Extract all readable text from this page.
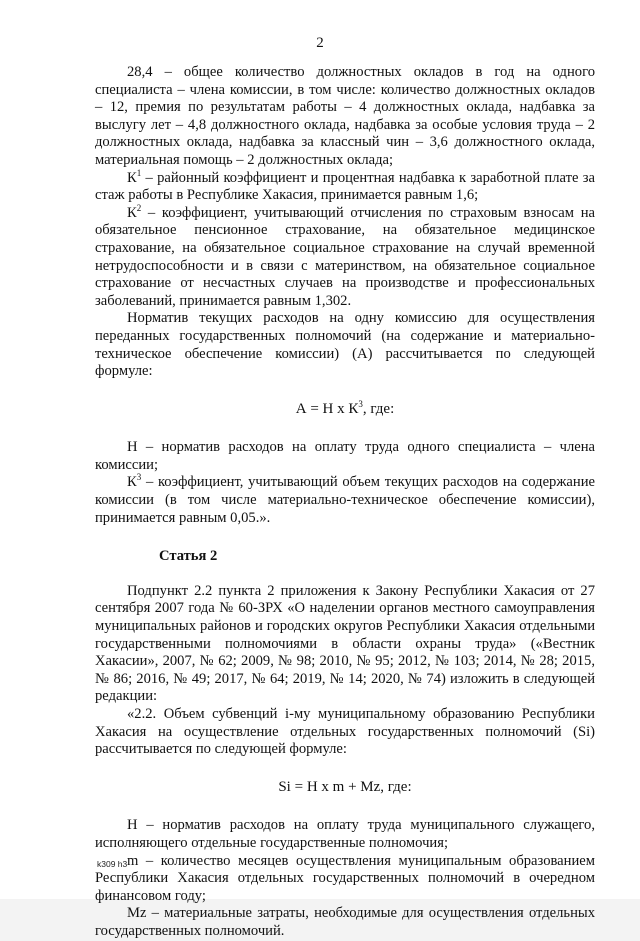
2

28,4 – общее количество должностных окладов в год на одного специалиста – члена комиссии, в том числе: количество должностных окладов – 12, премия по результатам работы – 4 должностных оклада, надбавка за выслугу лет – 4,8 должностного оклада, надбавка за особые условия труда – 2 должностных оклада, надбавка за классный чин – 3,6 должностного оклада, материальная помощь – 2 должностных оклада;

$К^1$ – районный коэффициент и процентная надбавка к заработной плате за стаж работы в Республике Хакасия, принимается равным 1,6;

$К^2$ – коэффициент, учитывающий отчисления по страховым взносам на обязательное пенсионное страхование, на обязательное медицинское страхование, на обязательное социальное страхование на случай временной нетрудоспособности и в связи с материнством, на обязательное социальное страхование от несчастных случаев на производстве и профессиональных заболеваний, принимается равным 1,302.

Норматив текущих расходов на одну комиссию для осуществления переданных государственных полномочий (на содержание и материально-техническое обеспечение комиссии) (А) рассчитывается по следующей формуле:

А = Н х $К^3$, где:

Н – норматив расходов на оплату труда одного специалиста – члена комиссии;

$К^3$ – коэффициент, учитывающий объем текущих расходов на содержание комиссии (в том числе материально-техническое обеспечение комиссии), принимается равным 0,05.».

Статья 2

Подпункт 2.2 пункта 2 приложения к Закону Республики Хакасия от 27 сентября 2007 года № 60-ЗРХ «О наделении органов местного самоуправления муниципальных районов и городских округов Республики Хакасия отдельными государственными полномочиями в области охраны труда» («Вестник Хакасии», 2007, № 62; 2009, № 98; 2010, № 95; 2012, № 103; 2014, № 28; 2015, № 86; 2016, № 49; 2017, № 64; 2019, № 14; 2020, № 74) изложить в следующей редакции:

«2.2. Объем субвенций i-му муниципальному образованию Республики Хакасия на осуществление отдельных государственных полномочий (Si) рассчитывается по следующей формуле:

Si = Н х m + Mz, где:

Н – норматив расходов на оплату труда муниципального служащего, исполняющего отдельные государственные полномочия;

m – количество месяцев осуществления муниципальным образованием Республики Хакасия отдельных государственных полномочий в очередном финансовом году;

Mz – материальные затраты, необходимые для осуществления отдельных государственных полномочий.

k309 h3
